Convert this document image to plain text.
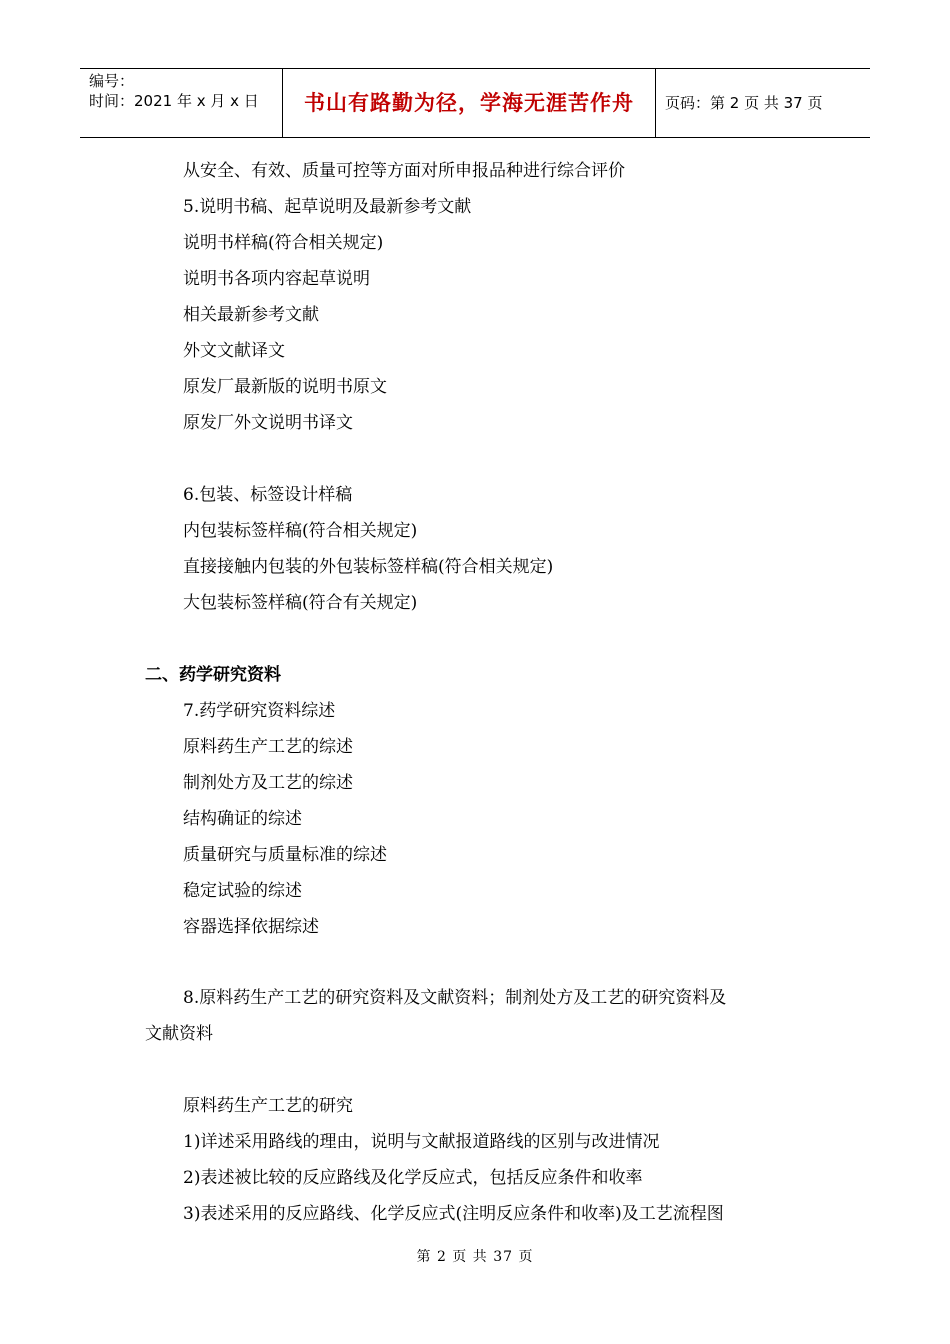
编号：
时间：2021 年 x 月 x 日	书山有路勤为径，学海无涯苦作舟	页码：第 2 页 共 37 页
从安全、有效、质量可控等方面对所申报品种进行综合评价
5.说明书稿、起草说明及最新参考文献
说明书样稿(符合相关规定)
说明书各项内容起草说明
相关最新参考文献
外文文献译文
原发厂最新版的说明书原文
原发厂外文说明书译文
6.包装、标签设计样稿
内包装标签样稿(符合相关规定)
直接接触内包装的外包装标签样稿(符合相关规定)
大包装标签样稿(符合有关规定)
二、药学研究资料
7.药学研究资料综述
原料药生产工艺的综述
制剂处方及工艺的综述
结构确证的综述
质量研究与质量标准的综述
稳定试验的综述
容器选择依据综述
8.原料药生产工艺的研究资料及文献资料；制剂处方及工艺的研究资料及
文献资料
原料药生产工艺的研究
1)详述采用路线的理由，说明与文献报道路线的区别与改进情况
2)表述被比较的反应路线及化学反应式，包括反应条件和收率
3)表述采用的反应路线、化学反应式(注明反应条件和收率)及工艺流程图
第 2 页 共 37 页
